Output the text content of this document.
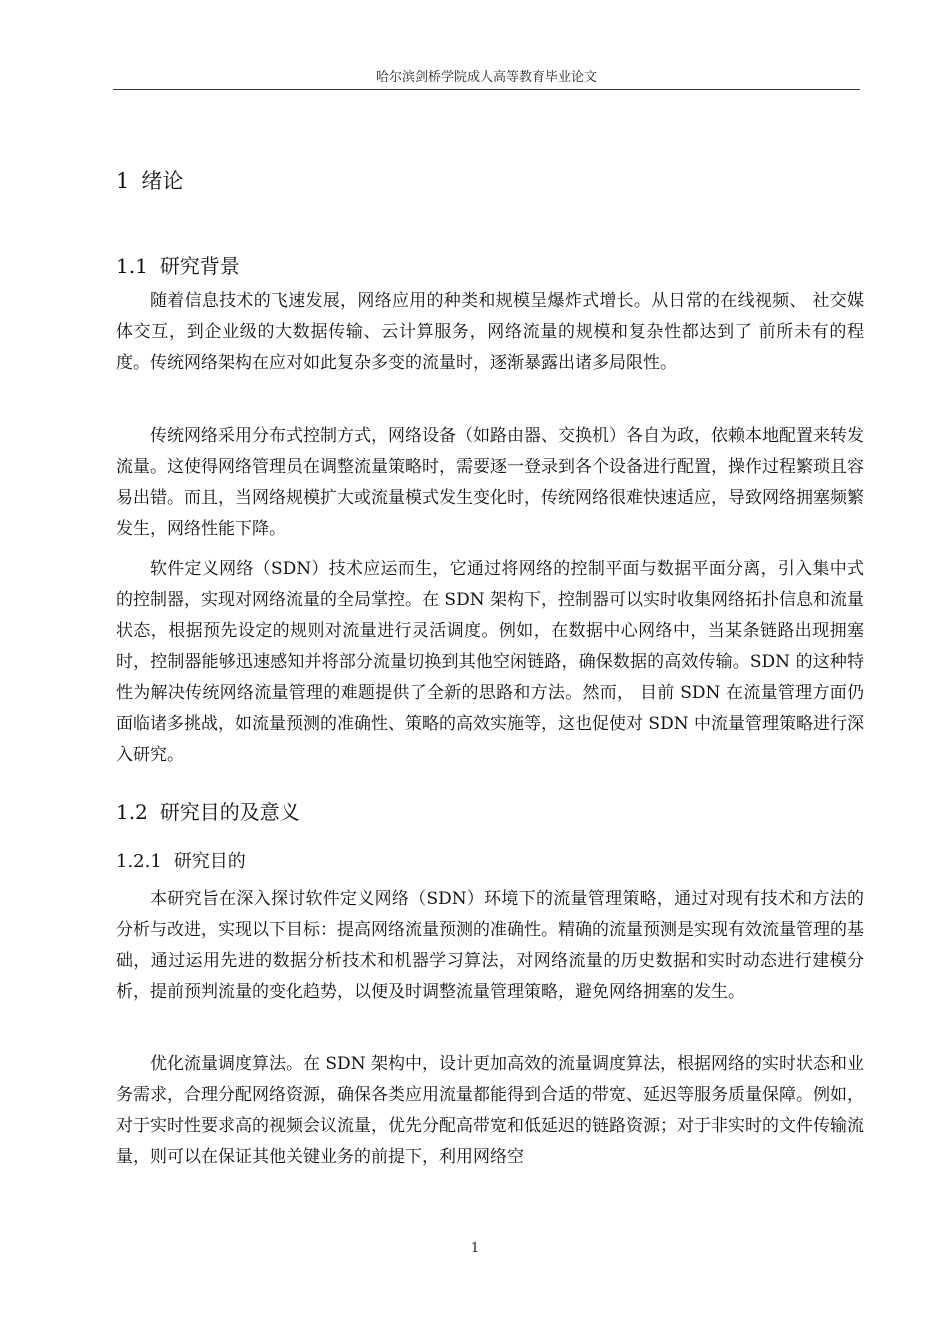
哈尔滨剑桥学院成人高等教育毕业论文
1 绪论
1.1 研究背景

随着信息技术的飞速发展，网络应用的种类和规模呈爆炸式增长。从日常的在线视频、 社交媒体交互，到企业级的大数据传输、云计算服务，网络流量的规模和复杂性都达到了 前所未有的程度。传统网络架构在应对如此复杂多变的流量时，逐渐暴露出诸多局限性。

传统网络采用分布式控制方式，网络设备（如路由器、交换机）各自为政，依赖本地配置来转发流量。这使得网络管理员在调整流量策略时，需要逐一登录到各个设备进行配置，操作过程繁琐且容易出错。而且，当网络规模扩大或流量模式发生变化时，传统网络很难快速适应，导致网络拥塞频繁发生，网络性能下降。

软件定义网络（SDN）技术应运而生，它通过将网络的控制平面与数据平面分离，引入集中式的控制器，实现对网络流量的全局掌控。在 SDN 架构下，控制器可以实时收集网络拓扑信息和流量状态，根据预先设定的规则对流量进行灵活调度。例如，在数据中心网络中，当某条链路出现拥塞时，控制器能够迅速感知并将部分流量切换到其他空闲链路，确保数据的高效传输。SDN 的这种特性为解决传统网络流量管理的难题提供了全新的思路和方法。然而， 目前 SDN 在流量管理方面仍面临诸多挑战，如流量预测的准确性、策略的高效实施等，这也促使对 SDN 中流量管理策略进行深入研究。

1.2 研究目的及意义
1.2.1 研究目的

本研究旨在深入探讨软件定义网络（SDN）环境下的流量管理策略，通过对现有技术和方法的分析与改进，实现以下目标：提高网络流量预测的准确性。精确的流量预测是实现有效流量管理的基础，通过运用先进的数据分析技术和机器学习算法，对网络流量的历史数据和实时动态进行建模分析，提前预判流量的变化趋势，以便及时调整流量管理策略，避免网络拥塞的发生。

优化流量调度算法。在 SDN 架构中，设计更加高效的流量调度算法，根据网络的实时状态和业务需求，合理分配网络资源，确保各类应用流量都能得到合适的带宽、延迟等服务质量保障。例如，对于实时性要求高的视频会议流量，优先分配高带宽和低延迟的链路资源；对于非实时的文件传输流量，则可以在保证其他关键业务的前提下，利用网络空

1
